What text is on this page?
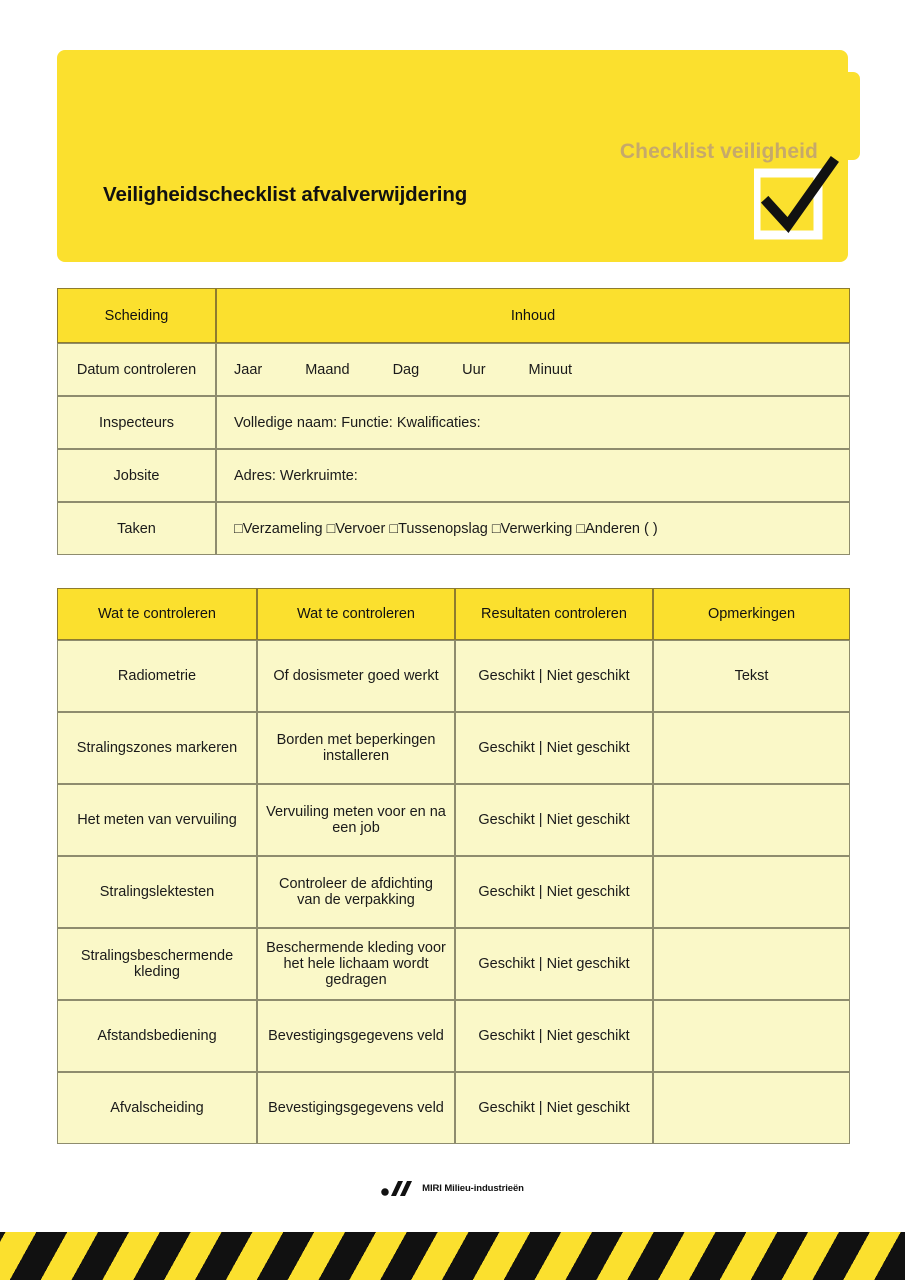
Checklist veiligheid
Veiligheidschecklist afvalverwijdering
Scheiding	Inhoud
Datum controleren	Jaar Maand Dag Uur Minuut
Inspecteurs	Volledige naam: Functie: Kwalificaties:
Jobsite	Adres: Werkruimte:
Taken	□Verzameling □Vervoer □Tussenopslag □Verwerking □Anderen ( )
Wat te controleren	Wat te controleren	Resultaten controleren	Opmerkingen
Radiometrie	Of dosismeter goed werkt	Geschikt | Niet geschikt	Tekst
Stralingszones markeren	Borden met beperkingen installeren	Geschikt | Niet geschikt	
Het meten van vervuiling	Vervuiling meten voor en na een job	Geschikt | Niet geschikt	
Stralingslektesten	Controleer de afdichting van de verpakking	Geschikt | Niet geschikt	
Stralingsbeschermende kleding	Beschermende kleding voor het hele lichaam wordt gedragen	Geschikt | Niet geschikt	
Afstandsbediening	Bevestigingsgegevens veld	Geschikt | Niet geschikt	
Afvalscheiding	Bevestigingsgegevens veld	Geschikt | Niet geschikt	
MIRI Milieu-industrieën
